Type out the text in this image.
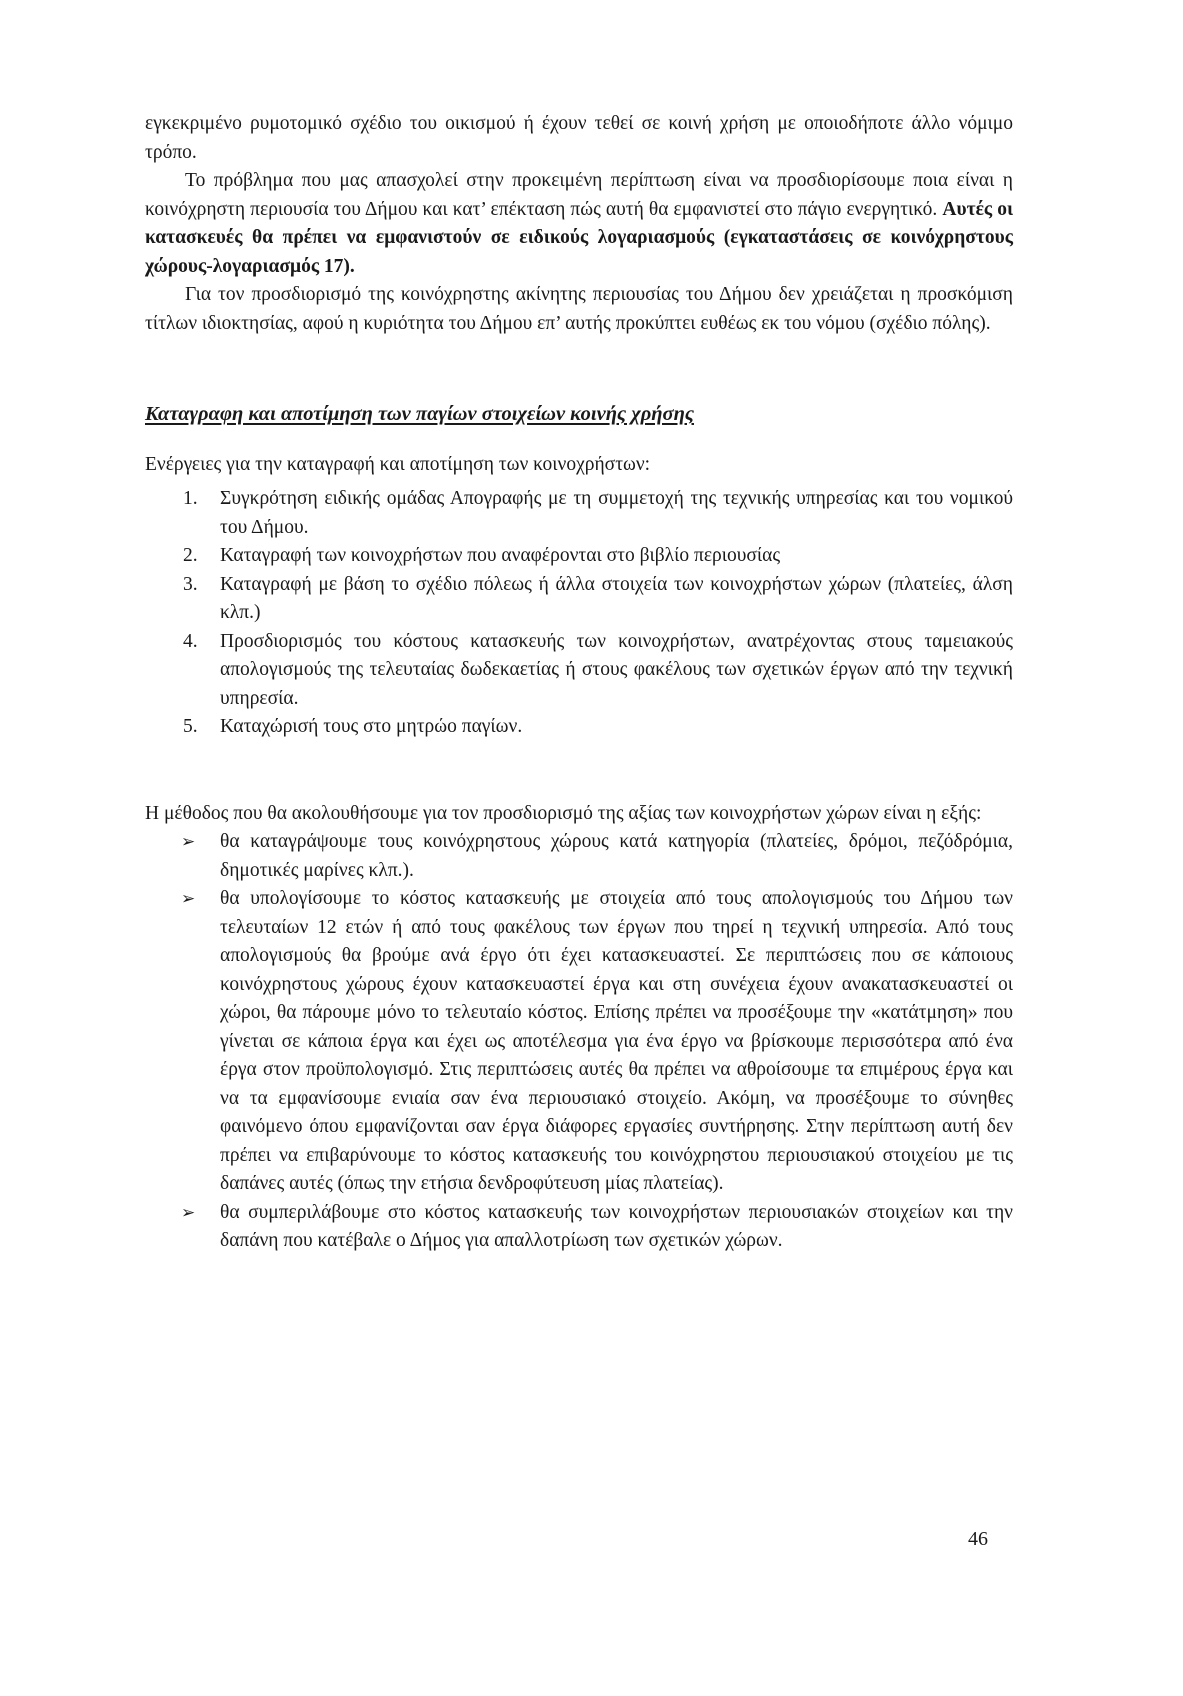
εγκεκριμένο ρυμοτομικό σχέδιο του οικισμού ή έχουν τεθεί σε κοινή χρήση με οποιοδήποτε άλλο νόμιμο τρόπο.

Το πρόβλημα που μας απασχολεί στην προκειμένη περίπτωση είναι να προσδιορίσουμε ποια είναι η κοινόχρηστη περιουσία του Δήμου και κατ’ επέκταση πώς αυτή θα εμφανιστεί στο πάγιο ενεργητικό. Αυτές οι κατασκευές θα πρέπει να εμφανιστούν σε ειδικούς λογαριασμούς (εγκαταστάσεις σε κοινόχρηστους χώρους-λογαριασμός 17).

Για τον προσδιορισμό της κοινόχρηστης ακίνητης περιουσίας του Δήμου δεν χρειάζεται η προσκόμιση τίτλων ιδιοκτησίας, αφού η κυριότητα του Δήμου επ’ αυτής προκύπτει ευθέως εκ του νόμου (σχέδιο πόλης).

Καταγραφη και αποτίμηση των παγίων στοιχείων κοινής χρήσης

Ενέργειες για την καταγραφή και αποτίμηση των κοινοχρήστων:

1. Συγκρότηση ειδικής ομάδας Απογραφής με τη συμμετοχή της τεχνικής υπηρεσίας και του νομικού του Δήμου.
2. Καταγραφή των κοινοχρήστων που αναφέρονται στο βιβλίο περιουσίας
3. Καταγραφή με βάση το σχέδιο πόλεως ή άλλα στοιχεία των κοινοχρήστων χώρων (πλατείες, άλση κλπ.)
4. Προσδιορισμός του κόστους κατασκευής των κοινοχρήστων, ανατρέχοντας στους ταμειακούς απολογισμούς της τελευταίας δωδεκαετίας ή στους φακέλους των σχετικών έργων από την τεχνική υπηρεσία.
5. Καταχώρισή τους στο μητρώο παγίων.

Η μέθοδος που θα ακολουθήσουμε για τον προσδιορισμό της αξίας των κοινοχρήστων χώρων είναι η εξής:

➢ θα καταγράψουμε τους κοινόχρηστους χώρους κατά κατηγορία (πλατείες, δρόμοι, πεζόδρόμια, δημοτικές μαρίνες κλπ.).
➢ θα υπολογίσουμε το κόστος κατασκευής με στοιχεία από τους απολογισμούς του Δήμου των τελευταίων 12 ετών ή από τους φακέλους των έργων που τηρεί η τεχνική υπηρεσία. Από τους απολογισμούς θα βρούμε ανά έργο ότι έχει κατασκευαστεί. Σε περιπτώσεις που σε κάποιους κοινόχρηστους χώρους έχουν κατασκευαστεί έργα και στη συνέχεια έχουν ανακατασκευαστεί οι χώροι, θα πάρουμε μόνο το τελευταίο κόστος. Επίσης πρέπει να προσέξουμε την «κατάτμηση» που γίνεται σε κάποια έργα και έχει ως αποτέλεσμα για ένα έργο να βρίσκουμε περισσότερα από ένα έργα στον προϋπολογισμό. Στις περιπτώσεις αυτές θα πρέπει να αθροίσουμε τα επιμέρους έργα και να τα εμφανίσουμε ενιαία σαν ένα περιουσιακό στοιχείο. Ακόμη, να προσέξουμε το σύνηθες φαινόμενο όπου εμφανίζονται σαν έργα διάφορες εργασίες συντήρησης. Στην περίπτωση αυτή δεν πρέπει να επιβαρύνουμε το κόστος κατασκευής του κοινόχρηστου περιουσιακού στοιχείου με τις δαπάνες αυτές (όπως την ετήσια δενδροφύτευση μίας πλατείας).
➢ θα συμπεριλάβουμε στο κόστος κατασκευής των κοινοχρήστων περιουσιακών στοιχείων και την δαπάνη που κατέβαλε ο Δήμος για απαλλοτρίωση των σχετικών χώρων.
46
